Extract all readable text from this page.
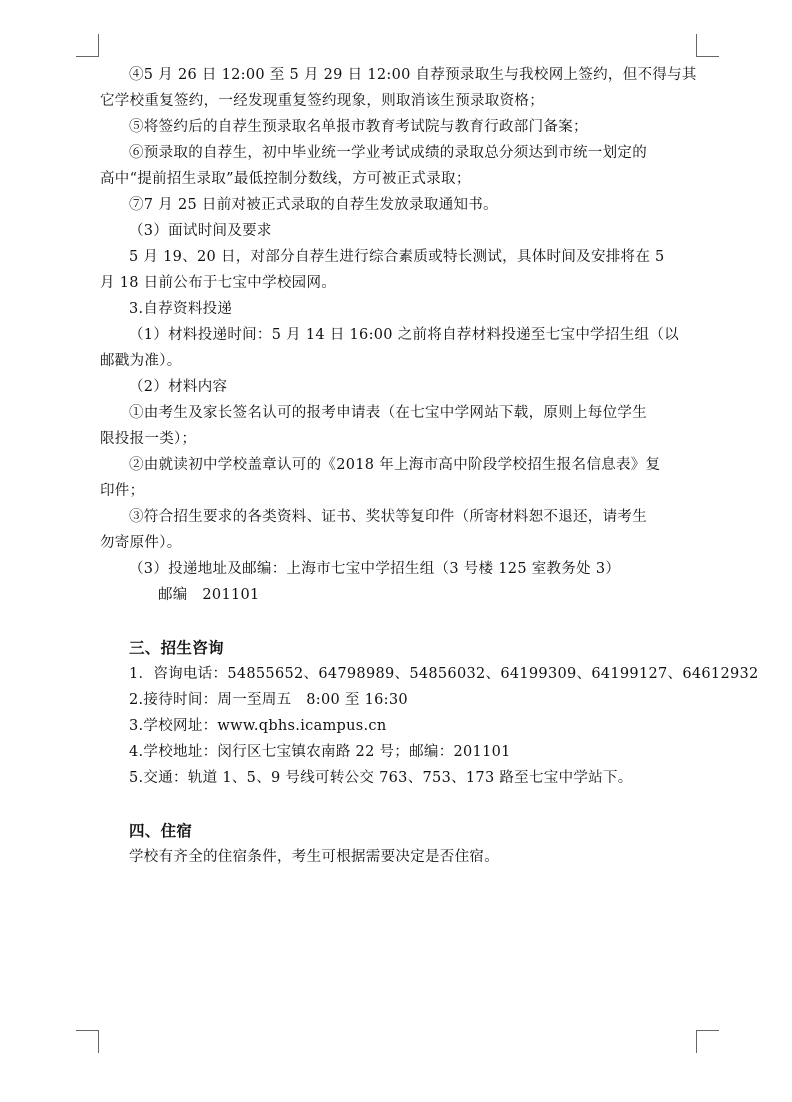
④5 月 26 日 12:00 至 5 月 29 日 12:00 自荐预录取生与我校网上签约，但不得与其
它学校重复签约，一经发现重复签约现象，则取消该生预录取资格；
⑤将签约后的自荐生预录取名单报市教育考试院与教育行政部门备案；
⑥预录取的自荐生，初中毕业统一学业考试成绩的录取总分须达到市统一划定的
高中“提前招生录取”最低控制分数线，方可被正式录取；
⑦7 月 25 日前对被正式录取的自荐生发放录取通知书。
（3）面试时间及要求
5 月 19、20 日，对部分自荐生进行综合素质或特长测试，具体时间及安排将在 5
月 18 日前公布于七宝中学校园网。
3.自荐资料投递
（1）材料投递时间：5 月 14 日 16:00 之前将自荐材料投递至七宝中学招生组（以
邮戳为准）。
（2）材料内容
①由考生及家长签名认可的报考申请表（在七宝中学网站下载，原则上每位学生
限投报一类）；
②由就读初中学校盖章认可的《2018 年上海市高中阶段学校招生报名信息表》复
印件；
③符合招生要求的各类资料、证书、奖状等复印件（所寄材料恕不退还，请考生
勿寄原件）。
（3）投递地址及邮编：上海市七宝中学招生组（3 号楼 125 室教务处 3）
邮编　201101
三、招生咨询
1．咨询电话：54855652、64798989、54856032、64199309、64199127、64612932
2.接待时间：周一至周五　8:00 至 16:30
3.学校网址：www.qbhs.icampus.cn
4.学校地址：闵行区七宝镇农南路 22 号；邮编：201101
5.交通：轨道 1、5、9 号线可转公交 763、753、173 路至七宝中学站下。
四、住宿
学校有齐全的住宿条件，考生可根据需要决定是否住宿。
